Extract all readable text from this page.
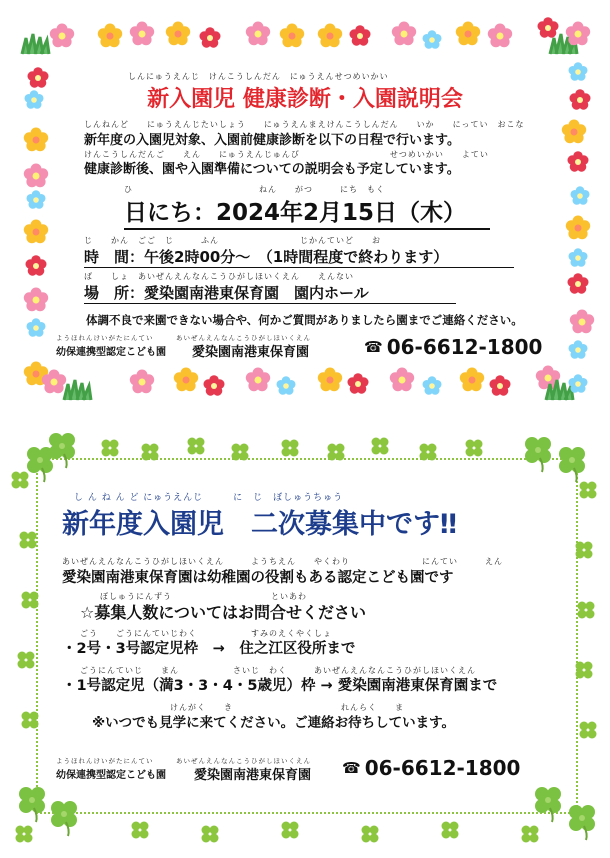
しんにゅうえんじ　けんこうしんだん　にゅうえんせつめいかい
新入園児 健康診断・入園説明会
しんねんど　　にゅうえんじたいしょう　　にゅうえんまえけんこうしんだん　　いか　　にってい　おこな
新年度の入園児対象、入園前健康診断を以下の日程で行います。
けんこうしんだんご　　えん　　にゅうえんじゅんび　　　　　　　　　　せつめいかい　　よてい
健康診断後、園や入園準備についての説明会も予定しています。
ひ　　　　　　　　　　　　　　ねん　　がつ　　　にち　もく
日にち：2024年2月15日（木）
じ　　かん　ごご　じ　　　ふん　　　　　　　　　じかんていど　　お
時　間：午後2時00分～　（1時間程度で終わります）
ば　　しょ　あいぜんえんなんこうひがしほいくえん　　えんない
場　所：愛染園南港東保育園　園内ホール
体調不良で来園できない場合や、何かご質問がありましたら園までご連絡ください。
ようほれんけいがたにんてい　　　あいぜんえんなんこうひがしほいくえん
幼保連携型認定こども園 愛染園南港東保育園	☎ 06-6612-1800
し ん ね ん ど にゅうえんじ　　　に　じ　ぼしゅうちゅう
新年度入園児　二次募集中です‼
あいぜんえんなんこうひがしほいくえん　　　ようちえん　　やくわり　　　　　　　　にんてい　　　えん
愛染園南港東保育園は幼稚園の役割もある認定こども園です
ぼしゅうにんずう　　　　　　　　　　　といあわ
☆募集人数についてはお問合せください
ごう　　ごうにんていじわく　　　　　　すみのえくやくしょ
・2号・3号認定児枠　→　住之江区役所まで
ごうにんていじ　　まん　　　　　　さいじ　わく　　　あいぜんえんなんこうひがしほいくえん
・1号認定児（満3・3・4・5歳児）枠 → 愛染園南港東保育園まで
けんがく　　き　　　　　　　　　　　　れんらく　　ま
※いつでも見学に来てください。ご連絡お待ちしています。
ようほれんけいがたにんてい　　　あいぜんえんなんこうひがしほいくえん
幼保連携型認定こども園 愛染園南港東保育園 ☎ 06-6612-1800
